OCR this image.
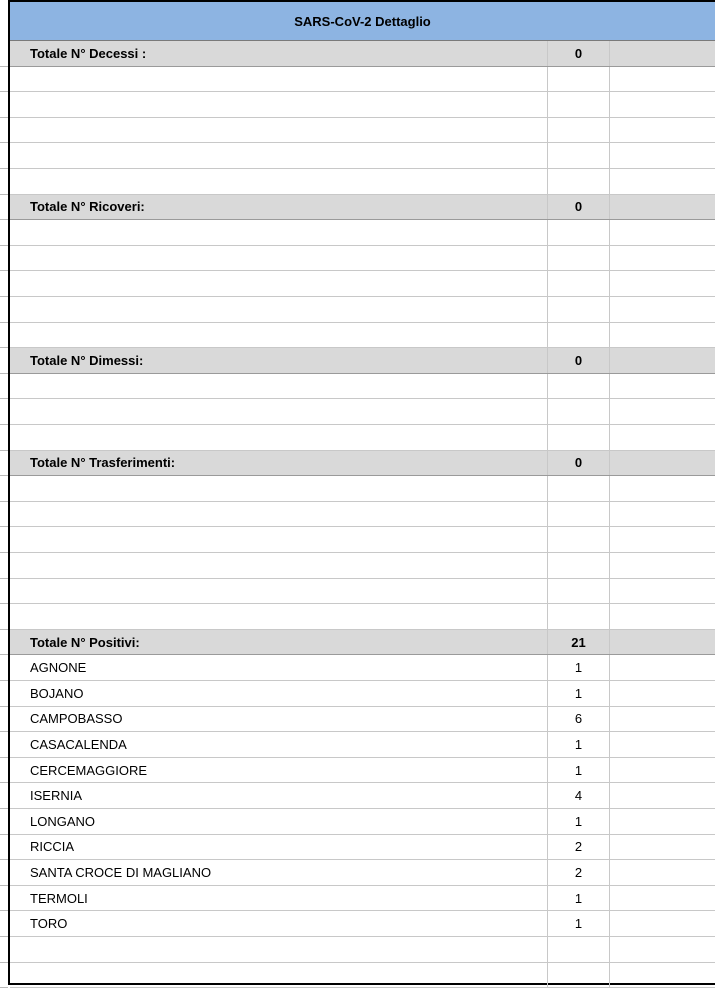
SARS-CoV-2 Dettaglio
Totale N° Decessi :	0
Totale N° Ricoveri:	0
Totale N° Dimessi:	0
Totale N° Trasferimenti:	0
Totale N° Positivi:	21
AGNONE	1
BOJANO	1
CAMPOBASSO	6
CASACALENDA	1
CERCEMAGGIORE	1
ISERNIA	4
LONGANO	1
RICCIA	2
SANTA CROCE DI MAGLIANO	2
TERMOLI	1
TORO	1
